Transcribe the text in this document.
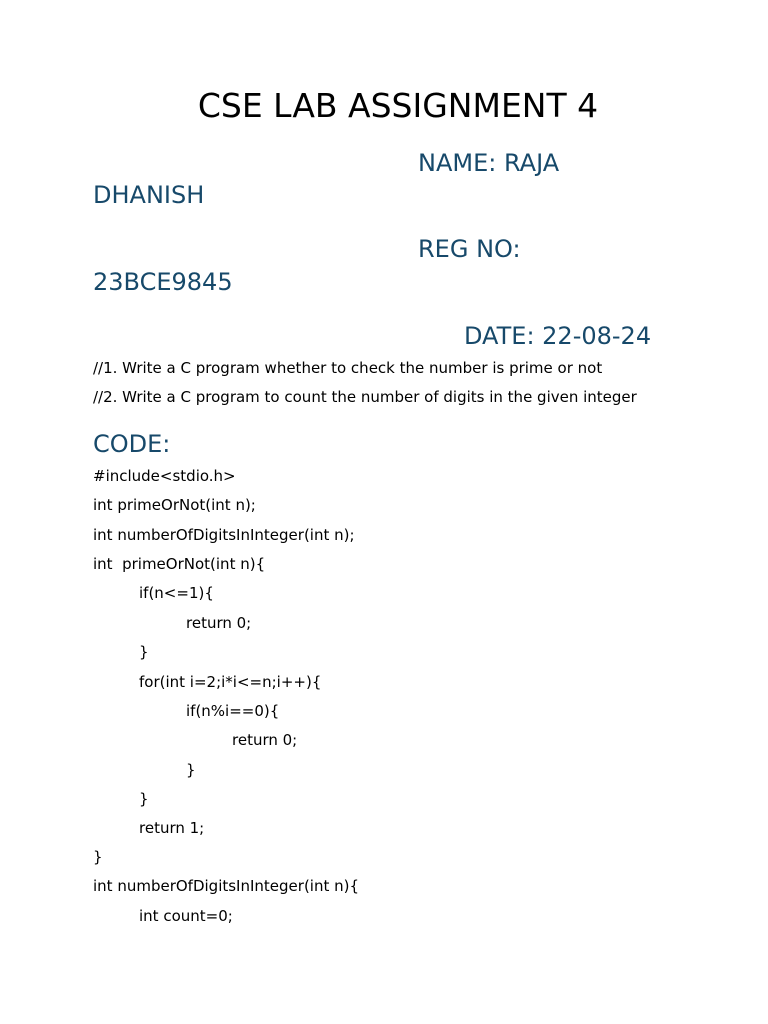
CSE LAB ASSIGNMENT 4
NAME: RAJA
DHANISH
REG NO:
23BCE9845
DATE: 22-08-24
//1. Write a C program whether to check the number is prime or not
//2. Write a C program to count the number of digits in the given integer
CODE:
#include<stdio.h>
int primeOrNot(int n);
int numberOfDigitsInInteger(int n);
int  primeOrNot(int n){
if(n<=1){
return 0;
}
for(int i=2;i*i<=n;i++){
if(n%i==0){
return 0;
}
}
return 1;
}
int numberOfDigitsInInteger(int n){
int count=0;
